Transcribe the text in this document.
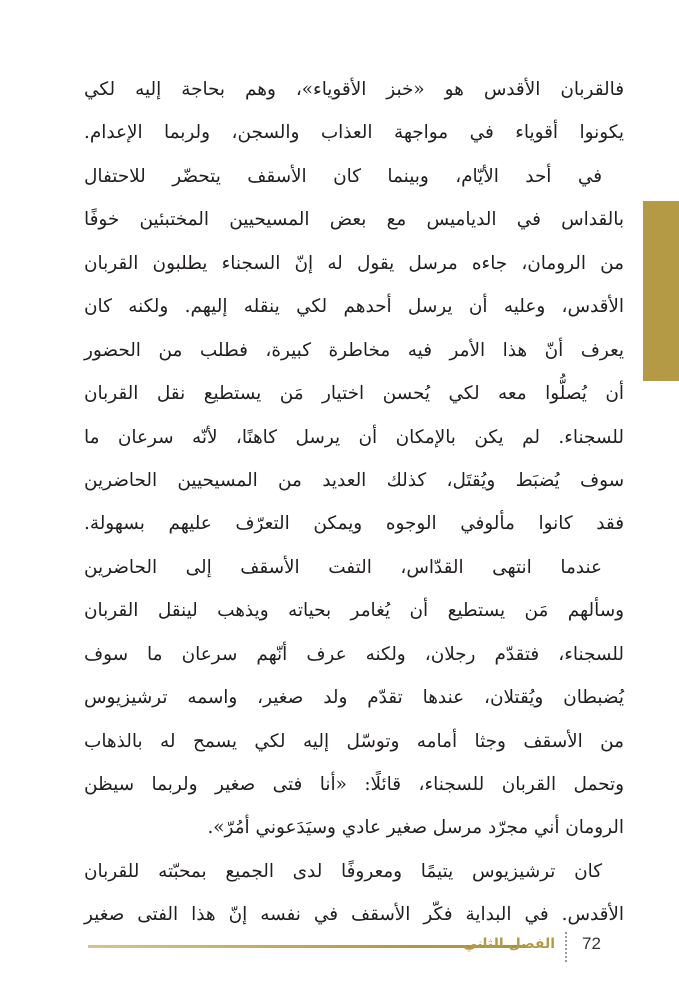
فالقربان الأقدس هو «خبز الأقوياء»، وهم بحاجة إليه لكي
يكونوا أقوياء في مواجهة العذاب والسجن، ولربما الإعدام.
في أحد الأيّام، وبينما كان الأسقف يتحضّر للاحتفال
بالقداس في الدياميس مع بعض المسيحيين المختبئين خوفًا
من الرومان، جاءه مرسل يقول له إنّ السجناء يطلبون القربان
الأقدس، وعليه أن يرسل أحدهم لكي ينقله إليهم. ولكنه كان
يعرف أنّ هذا الأمر فيه مخاطرة كبيرة، فطلب من الحضور
أن يُصلُّوا معه لكي يُحسن اختيار مَن يستطيع نقل القربان
للسجناء. لم يكن بالإمكان أن يرسل كاهنًا، لأنّه سرعان ما
سوف يُضبَط ويُقتَل، كذلك العديد من المسيحيين الحاضرين
فقد كانوا مألوفي الوجوه ويمكن التعرّف عليهم بسهولة.
عندما انتهى القدّاس، التفت الأسقف إلى الحاضرين
وسألهم مَن يستطيع أن يُغامر بحياته ويذهب لينقل القربان
للسجناء، فتقدّم رجلان، ولكنه عرف أنّهم سرعان ما سوف
يُضبطان ويُقتلان، عندها تقدّم ولد صغير، واسمه ترشيزيوس
من الأسقف وجثا أمامه وتوسّل إليه لكي يسمح له بالذهاب
وتحمل القربان للسجناء، قائلًا: «أنا فتى صغير ولربما سيظن
الرومان أني مجرّد مرسل صغير عادي وسيَدَعوني أمُرّ».
كان ترشيزيوس يتيمًا ومعروفًا لدى الجميع بمحبّته للقربان
الأقدس. في البداية فكّر الأسقف في نفسه إنّ هذا الفتى صغير
الفصل الثاني 72
